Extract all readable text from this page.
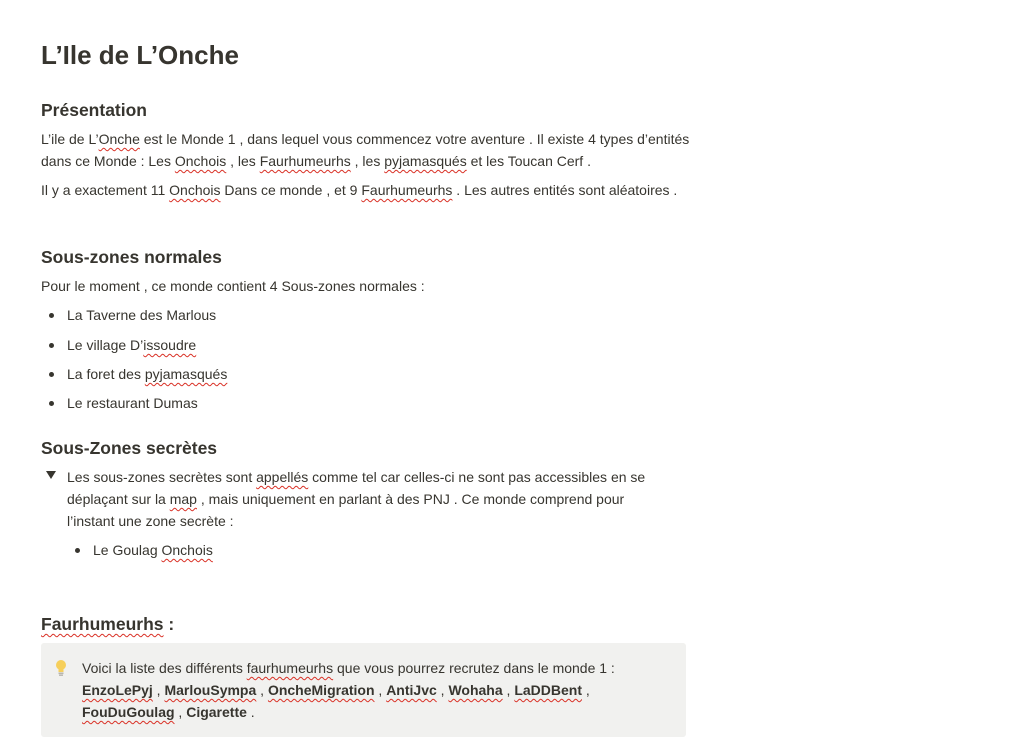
L’Ile de L’Onche
Présentation

L’ile de L’Onche est le Monde 1 , dans lequel vous commencez votre aventure . Il existe 4 types d’entités dans ce Monde : Les Onchois , les Faurhumeurhs , les pyjamasqués et les Toucan Cerf .

Il y a exactement 11 Onchois Dans ce monde , et 9 Faurhumeurhs . Les autres entités sont aléatoires .

Sous-zones normales

Pour le moment , ce monde contient 4 Sous-zones normales :

La Taverne des Marlous
Le village D’issoudre
La foret des pyjamasqués
Le restaurant Dumas
Sous-Zones secrètes
Les sous-zones secrètes sont appellés comme tel car celles-ci ne sont pas accessibles en se déplaçant sur la map , mais uniquement en parlant à des PNJ . Ce monde comprend pour l’instant une zone secrète :
Le Goulag Onchois
Faurhumeurhs :
Voici la liste des différents faurhumeurhs que vous pourrez recrutez dans le monde 1 :
EnzoLePyj , MarlouSympa , OncheMigration , AntiJvc , Wohaha , LaDDBent ,
FouDuGoulag , Cigarette .
